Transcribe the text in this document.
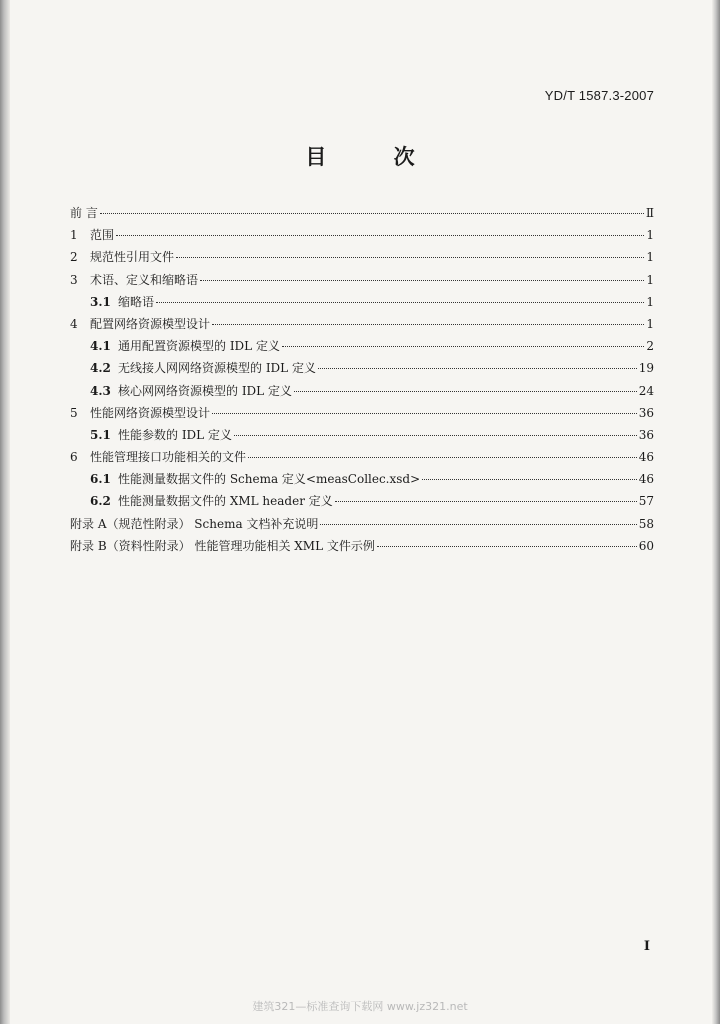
YD/T 1587.3-2007
目 次
前 言	Ⅱ
1	范围	1
2	规范性引用文件	1
3	术语、定义和缩略语	1
3.1 缩略语	1
4	配置网络资源模型设计	1
4.1 通用配置资源模型的 IDL 定义	2
4.2 无线接人网网络资源模型的 IDL 定义	19
4.3 核心网网络资源模型的 IDL 定义	24
5	性能网络资源模型设计	36
5.1 性能参数的 IDL 定义	36
6	性能管理接口功能相关的文件	46
6.1 性能测量数据文件的 Schema 定义<measCollec.xsd>	46
6.2 性能测量数据文件的 XML header 定义	57
附录 A（规范性附录） Schema 文档补充说明	58
附录 B（资料性附录） 性能管理功能相关 XML 文件示例	60
I
建筑321—标准查询下载网 www.jz321.net
